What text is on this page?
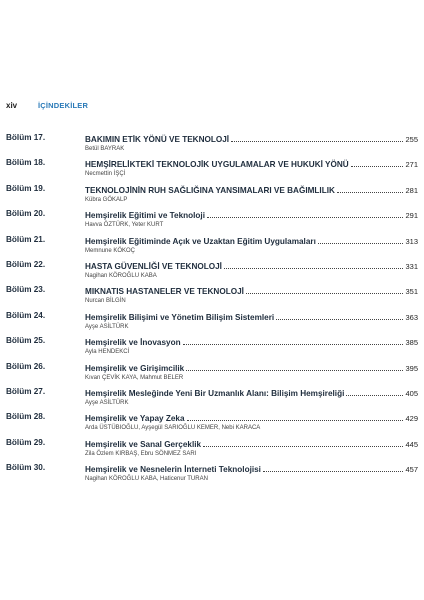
xiv	İÇİNDEKİLER
Bölüm 17.	BAKIMIN ETİK YÖNÜ VE TEKNOLOJİ	255
Betül BAYRAK
Bölüm 18.	HEMŞİRELİKTEKİ TEKNOLOJİK UYGULAMALAR VE HUKUKİ YÖNÜ	271
Necmettin İŞÇİ
Bölüm 19.	TEKNOLOJİNİN RUH SAĞLIĞINA YANSIMALARI VE BAĞIMLILIK	281
Kübra GÖKALP
Bölüm 20.	Hemşirelik Eğitimi ve Teknoloji	291
Havva ÖZTÜRK, Yeter KURT
Bölüm 21.	Hemşirelik Eğitiminde Açık ve Uzaktan Eğitim Uygulamaları	313
Memnune KÖKOÇ
Bölüm 22.	HASTA GÜVENLİĞİ VE TEKNOLOJİ	331
Nagihan KÖROĞLU KABA
Bölüm 23.	MIKNATIS HASTANELER VE TEKNOLOJİ	351
Nurcan BİLGİN
Bölüm 24.	Hemşirelik Bilişimi ve Yönetim Bilişim Sistemleri	363
Ayşe ASİLTÜRK
Bölüm 25.	Hemşirelik ve İnovasyon	385
Ayla HENDEKCİ
Bölüm 26.	Hemşirelik ve Girişimcilik	395
Kıvan ÇEVİK KAYA, Mahmut BELER
Bölüm 27.	Hemşirelik Mesleğinde Yeni Bir Uzmanlık Alanı: Bilişim Hemşireliği	405
Ayşe ASİLTÜRK
Bölüm 28.	Hemşirelik ve Yapay Zeka	429
Arda ÜSTÜBIOĞLU, Ayşegül SARIOĞLU KEMER, Nebi KARACA
Bölüm 29.	Hemşirelik ve Sanal Gerçeklik	445
Zila Özlem KIRBAŞ, Ebru SÖNMEZ SARI
Bölüm 30.	Hemşirelik ve Nesnelerin İnterneti Teknolojisi	457
Nagihan KÖROĞLU KABA, Haticenur TURAN
